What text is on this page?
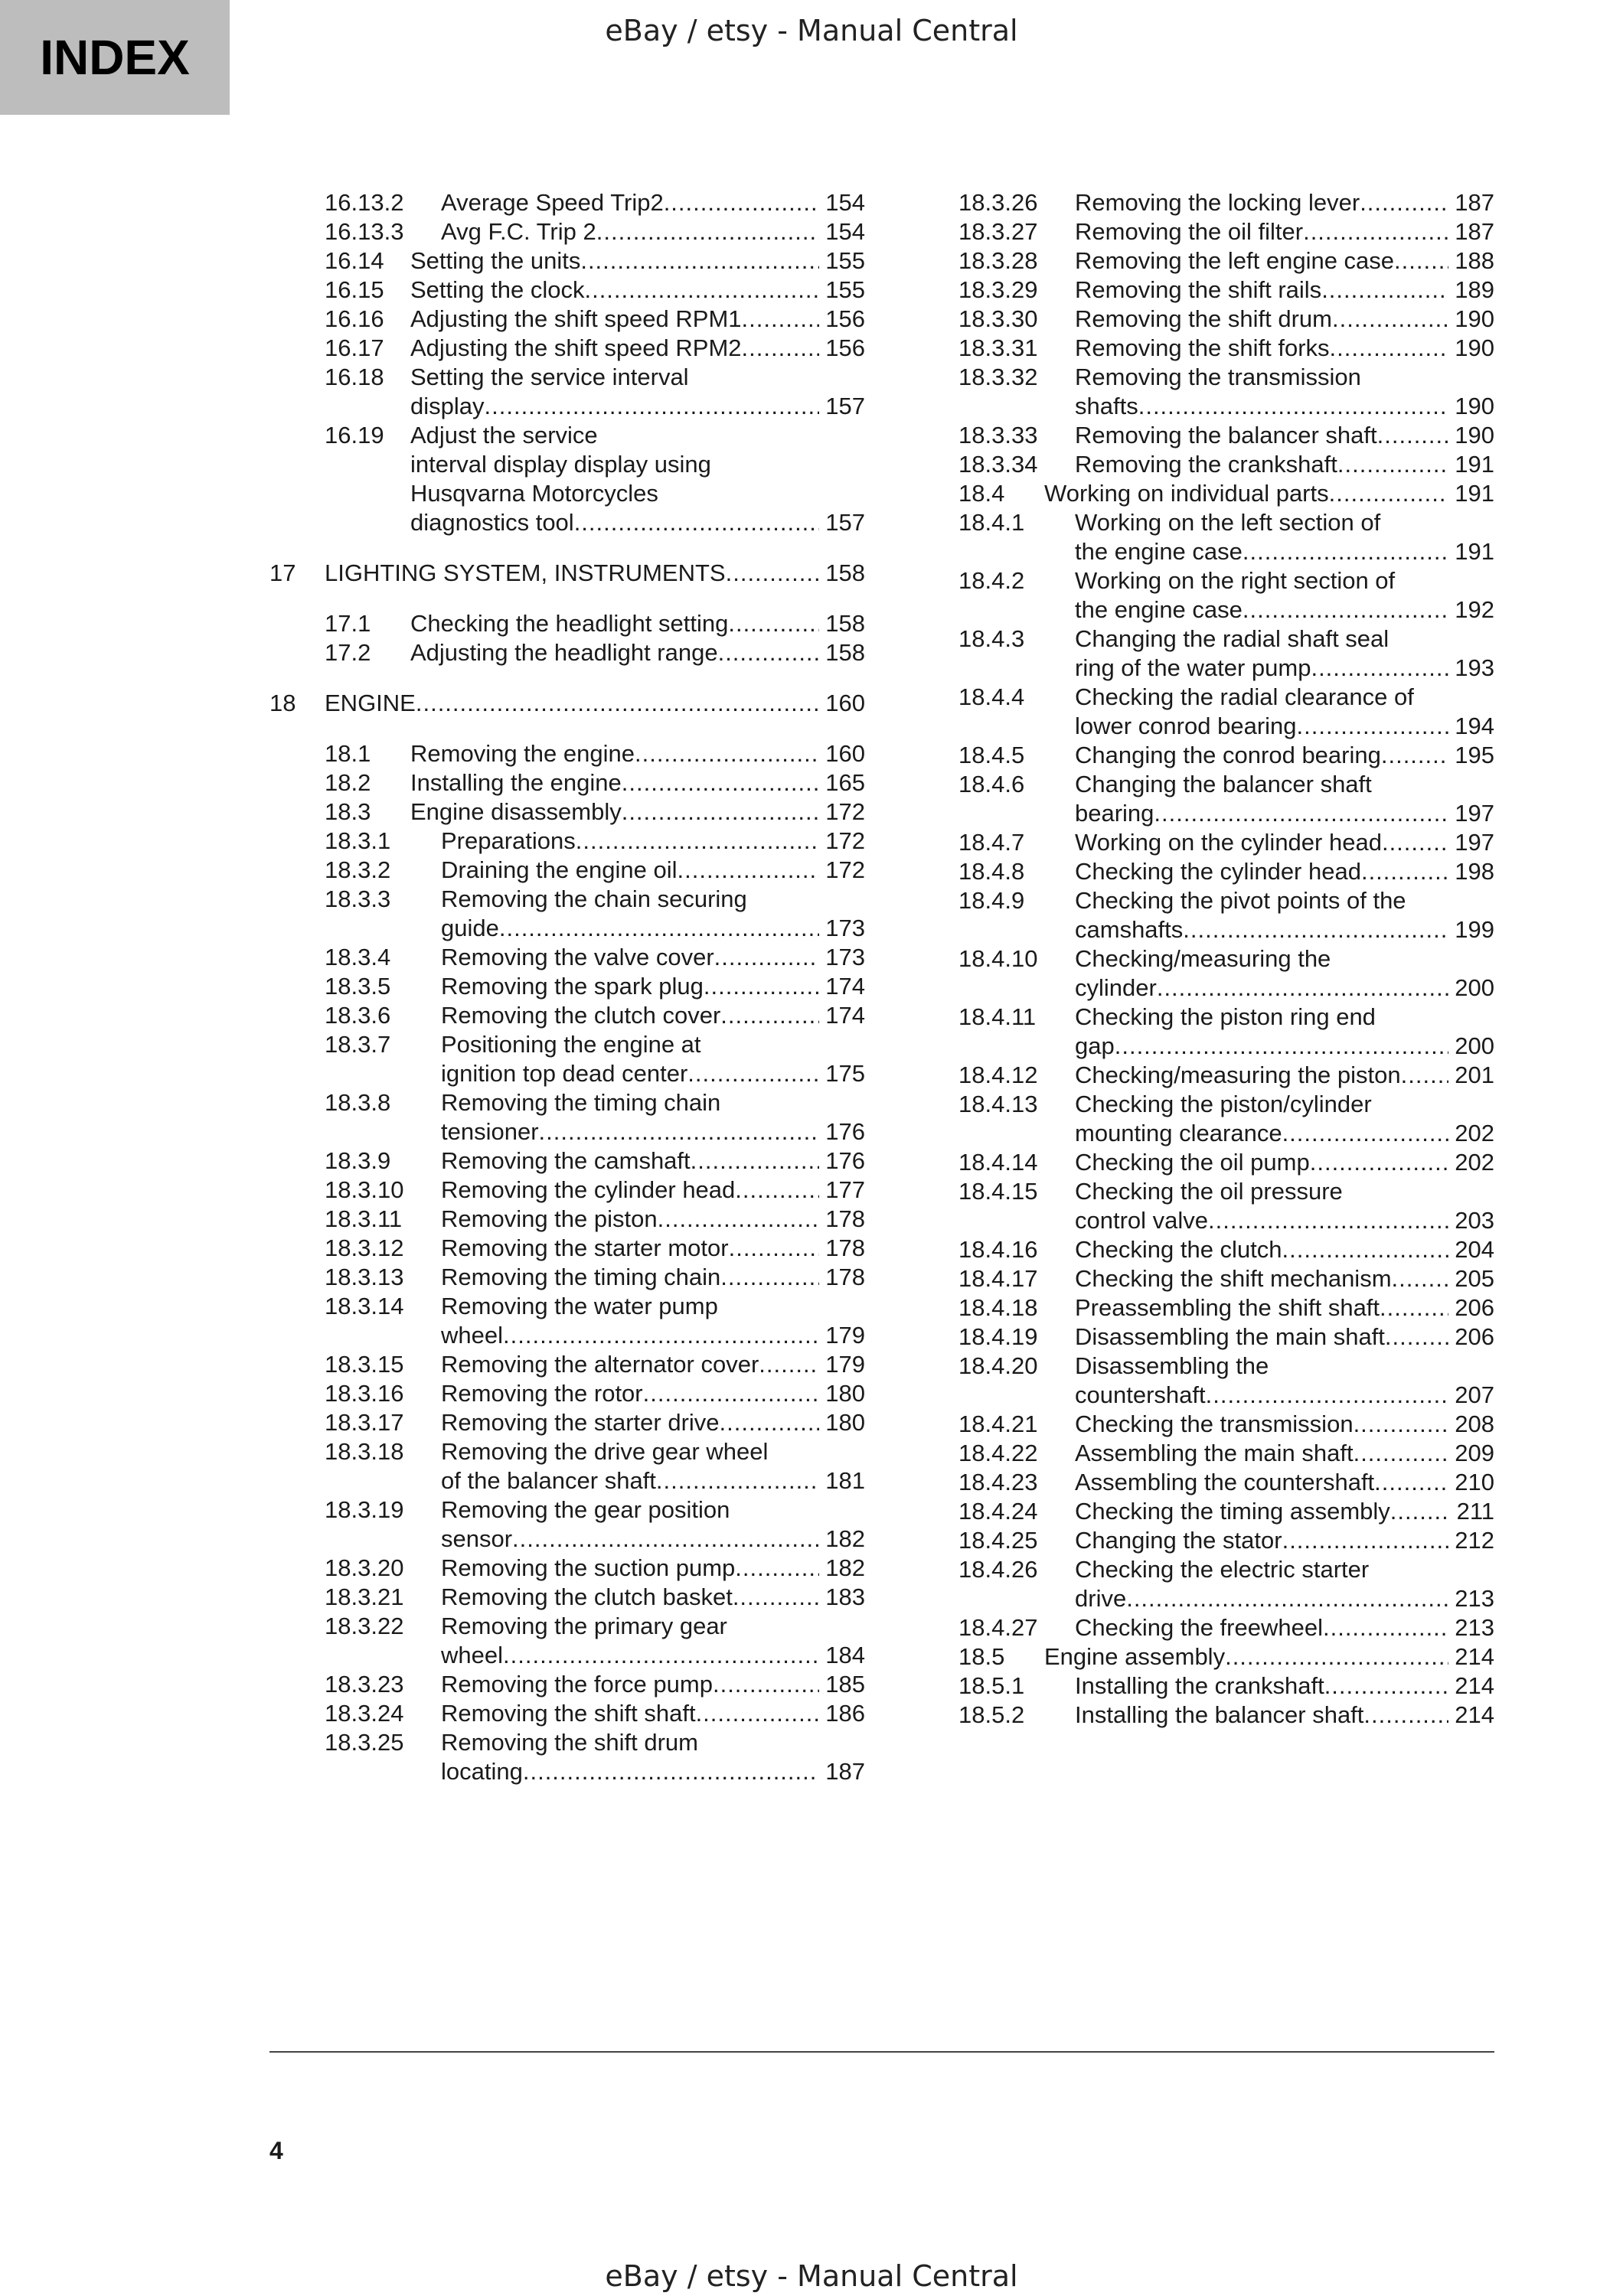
INDEX	eBay / etsy - Manual Central
16.13.2	Average Speed Trip2 .....	154
16.13.3	Avg F.C. Trip 2 .....	154
16.14	Setting the units .....	155
16.15	Setting the clock .....	155
16.16	Adjusting the shift speed RPM1 .....	156
16.17	Adjusting the shift speed RPM2 .....	156
16.18	Setting the service interval
display .....	157
16.19	Adjust the service
interval display display using
Husqvarna Motorcycles
diagnostics tool .....	157
17	LIGHTING SYSTEM, INSTRUMENTS .....	158
17.1	Checking the headlight setting .....	158
17.2	Adjusting the headlight range .....	158
18	ENGINE .....	160
18.1	Removing the engine .....	160
18.2	Installing the engine .....	165
18.3	Engine disassembly .....	172
18.3.1	Preparations .....	172
18.3.2	Draining the engine oil .....	172
18.3.3	Removing the chain securing
guide .....	173
18.3.4	Removing the valve cover .....	173
18.3.5	Removing the spark plug .....	174
18.3.6	Removing the clutch cover .....	174
18.3.7	Positioning the engine at
ignition top dead center .....	175
18.3.8	Removing the timing chain
tensioner .....	176
18.3.9	Removing the camshaft .....	176
18.3.10	Removing the cylinder head .....	177
18.3.11	Removing the piston .....	178
18.3.12	Removing the starter motor .....	178
18.3.13	Removing the timing chain .....	178
18.3.14	Removing the water pump
wheel .....	179
18.3.15	Removing the alternator cover .....	179
18.3.16	Removing the rotor .....	180
18.3.17	Removing the starter drive .....	180
18.3.18	Removing the drive gear wheel
of the balancer shaft .....	181
18.3.19	Removing the gear position
sensor .....	182
18.3.20	Removing the suction pump .....	182
18.3.21	Removing the clutch basket .....	183
18.3.22	Removing the primary gear
wheel .....	184
18.3.23	Removing the force pump .....	185
18.3.24	Removing the shift shaft .....	186
18.3.25	Removing the shift drum
locating .....	187
18.3.26	Removing the locking lever .....	187
18.3.27	Removing the oil filter .....	187
18.3.28	Removing the left engine case .....	188
18.3.29	Removing the shift rails .....	189
18.3.30	Removing the shift drum .....	190
18.3.31	Removing the shift forks .....	190
18.3.32	Removing the transmission
shafts .....	190
18.3.33	Removing the balancer shaft .....	190
18.3.34	Removing the crankshaft .....	191
18.4	Working on individual parts .....	191
18.4.1	Working on the left section of
the engine case .....	191
18.4.2	Working on the right section of
the engine case .....	192
18.4.3	Changing the radial shaft seal
ring of the water pump .....	193
18.4.4	Checking the radial clearance of
lower conrod bearing .....	194
18.4.5	Changing the conrod bearing .....	195
18.4.6	Changing the balancer shaft
bearing .....	197
18.4.7	Working on the cylinder head .....	197
18.4.8	Checking the cylinder head .....	198
18.4.9	Checking the pivot points of the
camshafts .....	199
18.4.10	Checking/measuring the
cylinder .....	200
18.4.11	Checking the piston ring end
gap .....	200
18.4.12	Checking/measuring the piston ..... 201
18.4.13	Checking the piston/cylinder
mounting clearance .....	202
18.4.14	Checking the oil pump .....	202
18.4.15	Checking the oil pressure
control valve .....	203
18.4.16	Checking the clutch .....	204
18.4.17	Checking the shift mechanism .....	205
18.4.18	Preassembling the shift shaft .....	206
18.4.19	Disassembling the main shaft .....	206
18.4.20	Disassembling the
countershaft .....	207
18.4.21	Checking the transmission .....	208
18.4.22	Assembling the main shaft .....	209
18.4.23	Assembling the countershaft .....	210
18.4.24	Checking the timing assembly .....	211
18.4.25	Changing the stator .....	212
18.4.26	Checking the electric starter
drive .....	213
18.4.27	Checking the freewheel .....	213
18.5	Engine assembly .....	214
18.5.1	Installing the crankshaft .....	214
18.5.2	Installing the balancer shaft .....	214
4
eBay / etsy - Manual Central
